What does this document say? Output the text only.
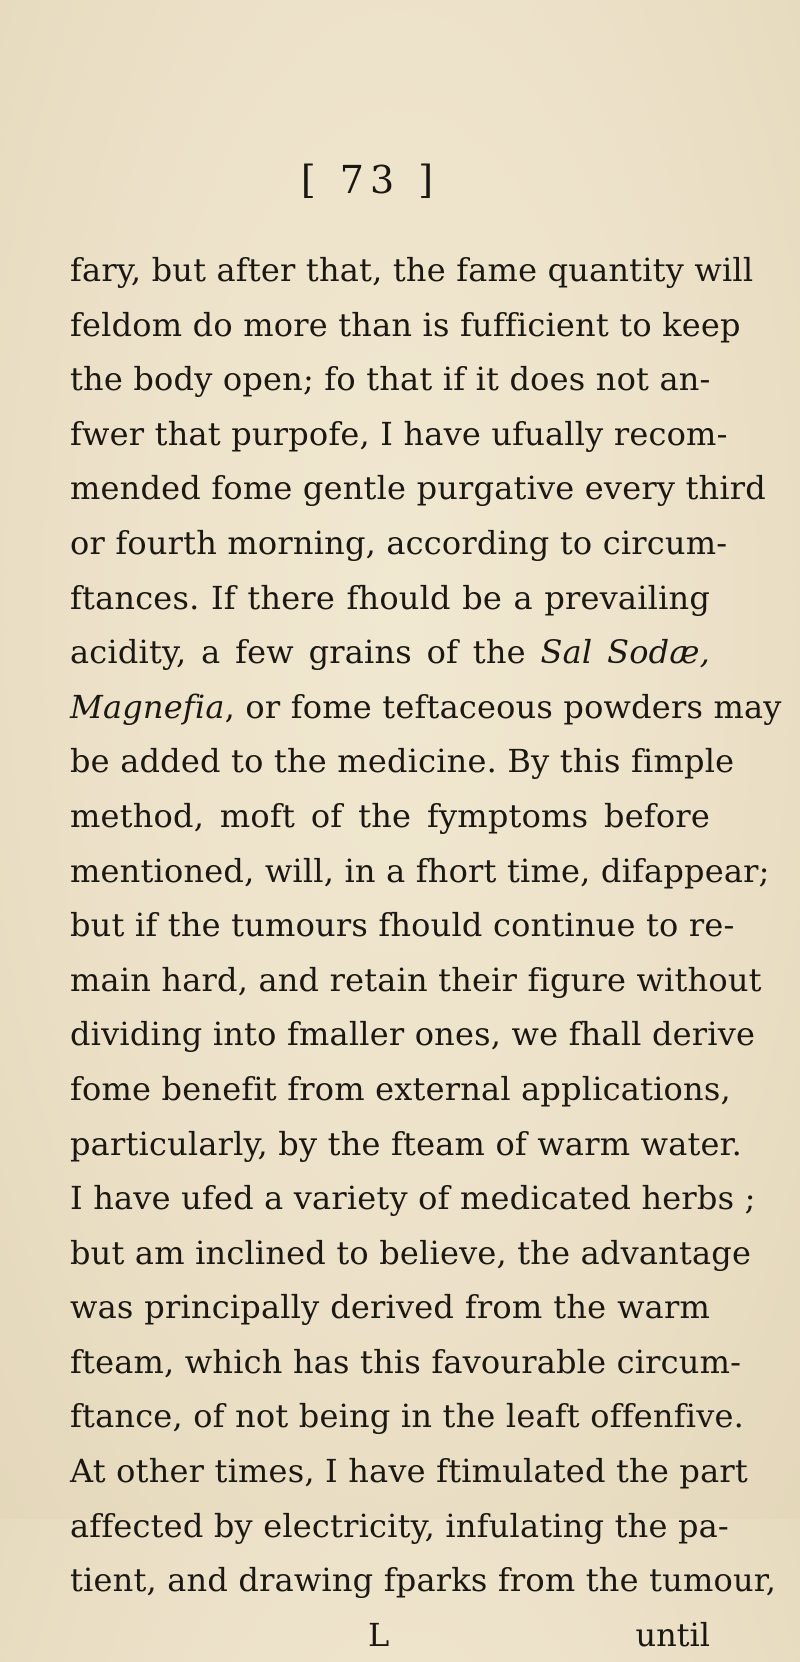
[ 73 ]
fary, but after that, the fame quantity will
feldom do more than is fufficient to keep
the body open; fo that if it does not an-
fwer that purpofe, I have ufually recom-
mended fome gentle purgative every third
or fourth morning, according to circum-
ftances. If there fhould be a prevailing
acidity, a few grains of the Sal Sodæ,
Magnefia, or fome teftaceous powders may
be added to the medicine. By this fimple
method, moft of the fymptoms before
mentioned, will, in a fhort time, difappear;
but if the tumours fhould continue to re-
main hard, and retain their figure without
dividing into fmaller ones, we fhall derive
fome benefit from external applications,
particularly, by the fteam of warm water.
I have ufed a variety of medicated herbs ;
but am inclined to believe, the advantage
was principally derived from the warm
fteam, which has this favourable circum-
ftance, of not being in the leaft offenfive.
At other times, I have ftimulated the part
affected by electricity, infulating the pa-
tient, and drawing fparks from the tumour,
L	until
